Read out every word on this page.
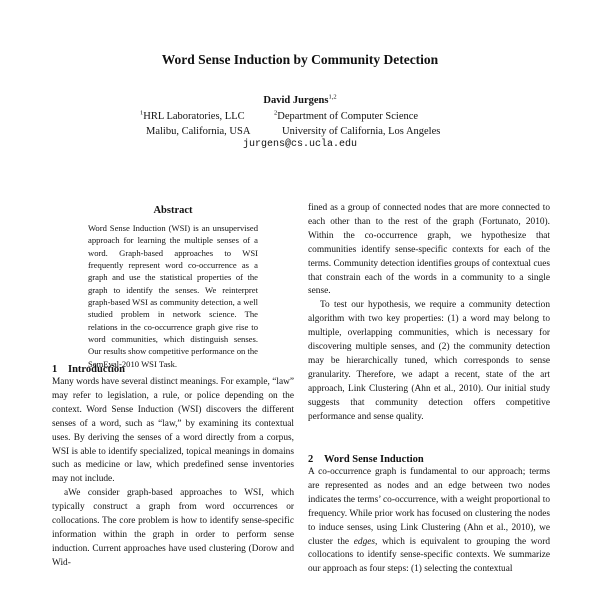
Word Sense Induction by Community Detection
David Jurgens$^{1,2}$
$^1$HRL Laboratories, LLC
Malibu, California, USA
$^2$Department of Computer Science
University of California, Los Angeles
jurgens@cs.ucla.edu
Abstract
Word Sense Induction (WSI) is an unsupervised approach for learning the multiple senses of a word. Graph-based approaches to WSI frequently represent word co-occurrence as a graph and use the statistical properties of the graph to identify the senses. We reinterpret graph-based WSI as community detection, a well studied problem in network science. The relations in the co-occurrence graph give rise to word communities, which distinguish senses. Our results show competitive performance on the SemEval-2010 WSI Task.
1 Introduction

Many words have several distinct meanings. For example, “law” may refer to legislation, a rule, or police depending on the context. Word Sense Induction (WSI) discovers the different senses of a word, such as “law,” by examining its contextual uses. By deriving the senses of a word directly from a corpus, WSI is able to identify specialized, topical meanings in domains such as medicine or law, which predefined sense inventories may not include.

aWe consider graph-based approaches to WSI, which typically construct a graph from word occurrences or collocations. The core problem is how to identify sense-specific information within the graph in order to perform sense induction. Current approaches have used clustering (Dorow and Wid-

fined as a group of connected nodes that are more connected to each other than to the rest of the graph (Fortunato, 2010). Within the co-occurrence graph, we hypothesize that communities identify sense-specific contexts for each of the terms. Community detection identifies groups of contextual cues that constrain each of the words in a community to a single sense.

To test our hypothesis, we require a community detection algorithm with two key properties: (1) a word may belong to multiple, overlapping communities, which is necessary for discovering multiple senses, and (2) the community detection may be hierarchically tuned, which corresponds to sense granularity. Therefore, we adapt a recent, state of the art approach, Link Clustering (Ahn et al., 2010). Our initial study suggests that community detection offers competitive performance and sense quality.

2 Word Sense Induction

A co-occurrence graph is fundamental to our approach; terms are represented as nodes and an edge between two nodes indicates the terms’ co-occurrence, with a weight proportional to frequency. While prior work has focused on clustering the nodes to induce senses, using Link Clustering (Ahn et al., 2010), we cluster the edges, which is equivalent to grouping the word collocations to identify sense-specific contexts. We summarize our approach as four steps: (1) selecting the contextual
